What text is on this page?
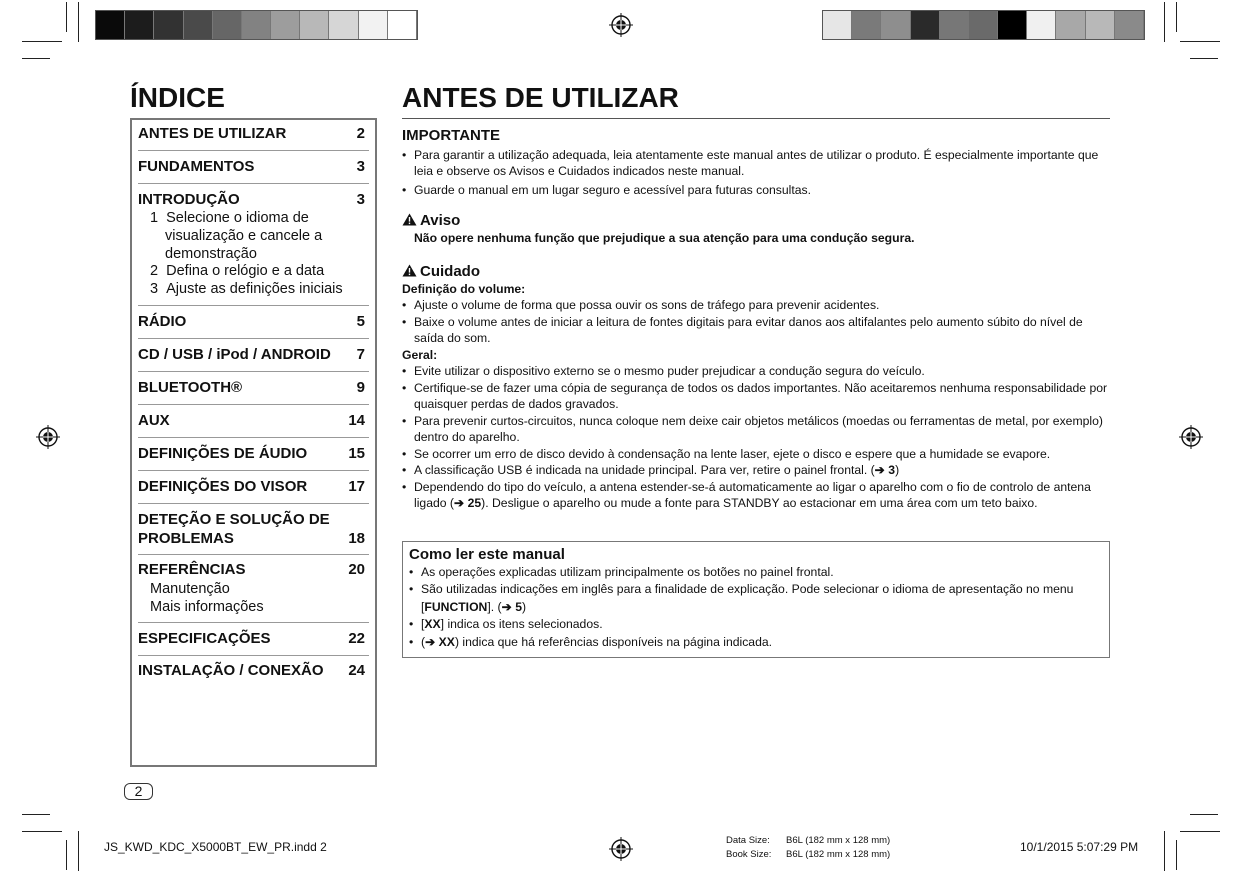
ÍNDICE
ANTES DE UTILIZAR	2
FUNDAMENTOS	3
INTRODUÇÃO	3
1 Selecione o idioma de
visualização e cancele a
demonstração
2 Defina o relógio e a data
3 Ajuste as definições iniciais
RÁDIO	5
CD / USB / iPod / ANDROID 7
BLUETOOTH®	9
AUX	14
DEFINIÇÕES DE ÁUDIO	15
DEFINIÇÕES DO VISOR	17
DETEÇÃO E SOLUÇÃO DE
PROBLEMAS	18
REFERÊNCIAS	20
Manutenção
Mais informações
ESPECIFICAÇÕES	22
INSTALAÇÃO / CONEXÃO 24
2
ANTES DE UTILIZAR
IMPORTANTE
• Para garantir a utilização adequada, leia atentamente este manual antes de utilizar o produto. É especialmente importante que leia e observe os Avisos e Cuidados indicados neste manual.
• Guarde o manual em um lugar seguro e acessível para futuras consultas.
Aviso
Não opere nenhuma função que prejudique a sua atenção para uma condução segura.
Cuidado
Definição do volume:
• Ajuste o volume de forma que possa ouvir os sons de tráfego para prevenir acidentes.
• Baixe o volume antes de iniciar a leitura de fontes digitais para evitar danos aos altifalantes pelo aumento súbito do nível de saída do som.
Geral:
• Evite utilizar o dispositivo externo se o mesmo puder prejudicar a condução segura do veículo.
• Certifique-se de fazer uma cópia de segurança de todos os dados importantes. Não aceitaremos nenhuma responsabilidade por quaisquer perdas de dados gravados.
• Para prevenir curtos-circuitos, nunca coloque nem deixe cair objetos metálicos (moedas ou ferramentas de metal, por exemplo) dentro do aparelho.
• Se ocorrer um erro de disco devido à condensação na lente laser, ejete o disco e espere que a humidade se evapore.
• A classificação USB é indicada na unidade principal. Para ver, retire o painel frontal. (➔ 3)
• Dependendo do tipo do veículo, a antena estender-se-á automaticamente ao ligar o aparelho com o fio de controlo de antena ligado (➔ 25). Desligue o aparelho ou mude a fonte para STANDBY ao estacionar em uma área com um teto baixo.
Como ler este manual
• As operações explicadas utilizam principalmente os botões no painel frontal.
• São utilizadas indicações em inglês para a finalidade de explicação. Pode selecionar o idioma de apresentação no menu [FUNCTION]. (➔ 5)
• [XX] indica os itens selecionados.
• (➔ XX) indica que há referências disponíveis na página indicada.
JS_KWD_KDC_X5000BT_EW_PR.indd 2	Data Size:
Book Size:
B6L (182 mm x 128 mm)
B6L (182 mm x 128 mm)
10/1/2015 5:07:29 PM
